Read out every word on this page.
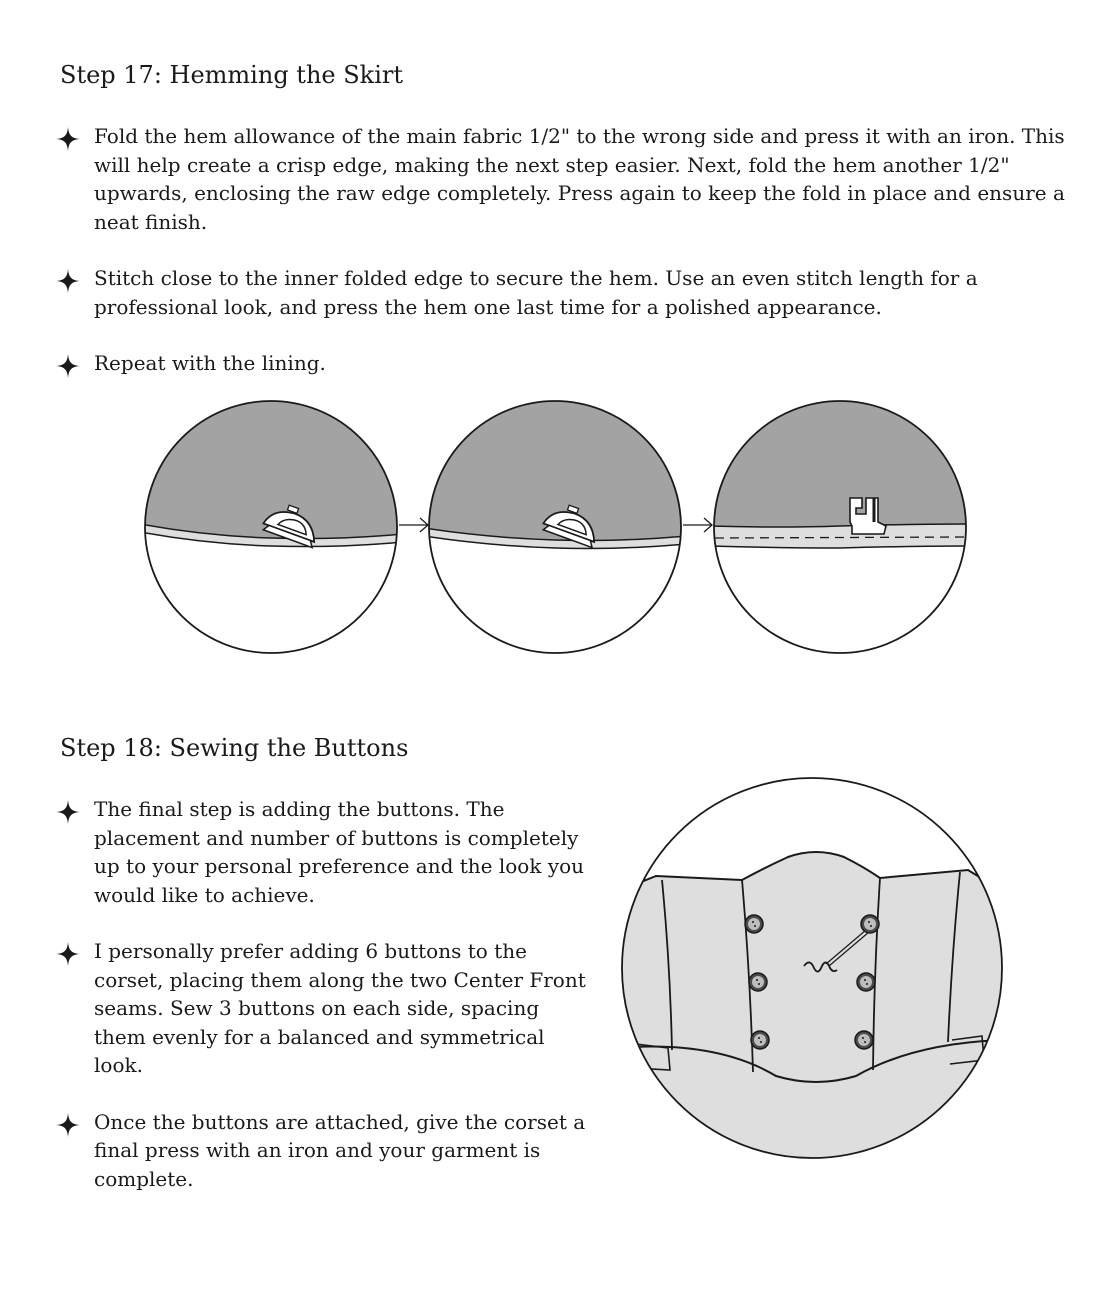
Step 17: Hemming the Skirt
Fold the hem allowance of the main fabric 1/2" to the wrong side and press it with an iron. This will help create a crisp edge, making the next step easier. Next, fold the hem another 1/2" upwards, enclosing the raw edge completely. Press again to keep the fold in place and ensure a neat finish.
Stitch close to the inner folded edge to secure the hem. Use an even stitch length for a professional look, and press the hem one last time for a polished appearance.
Repeat with the lining.
Step 18: Sewing the Buttons
The final step is adding the buttons. The placement and number of buttons is completely up to your personal preference and the look you would like to achieve.
I personally prefer adding 6 buttons to the corset, placing them along the two Center Front seams. Sew 3 buttons on each side, spacing them evenly for a balanced and symmetrical look.
Once the buttons are attached, give the corset a final press with an iron and your garment is complete.
